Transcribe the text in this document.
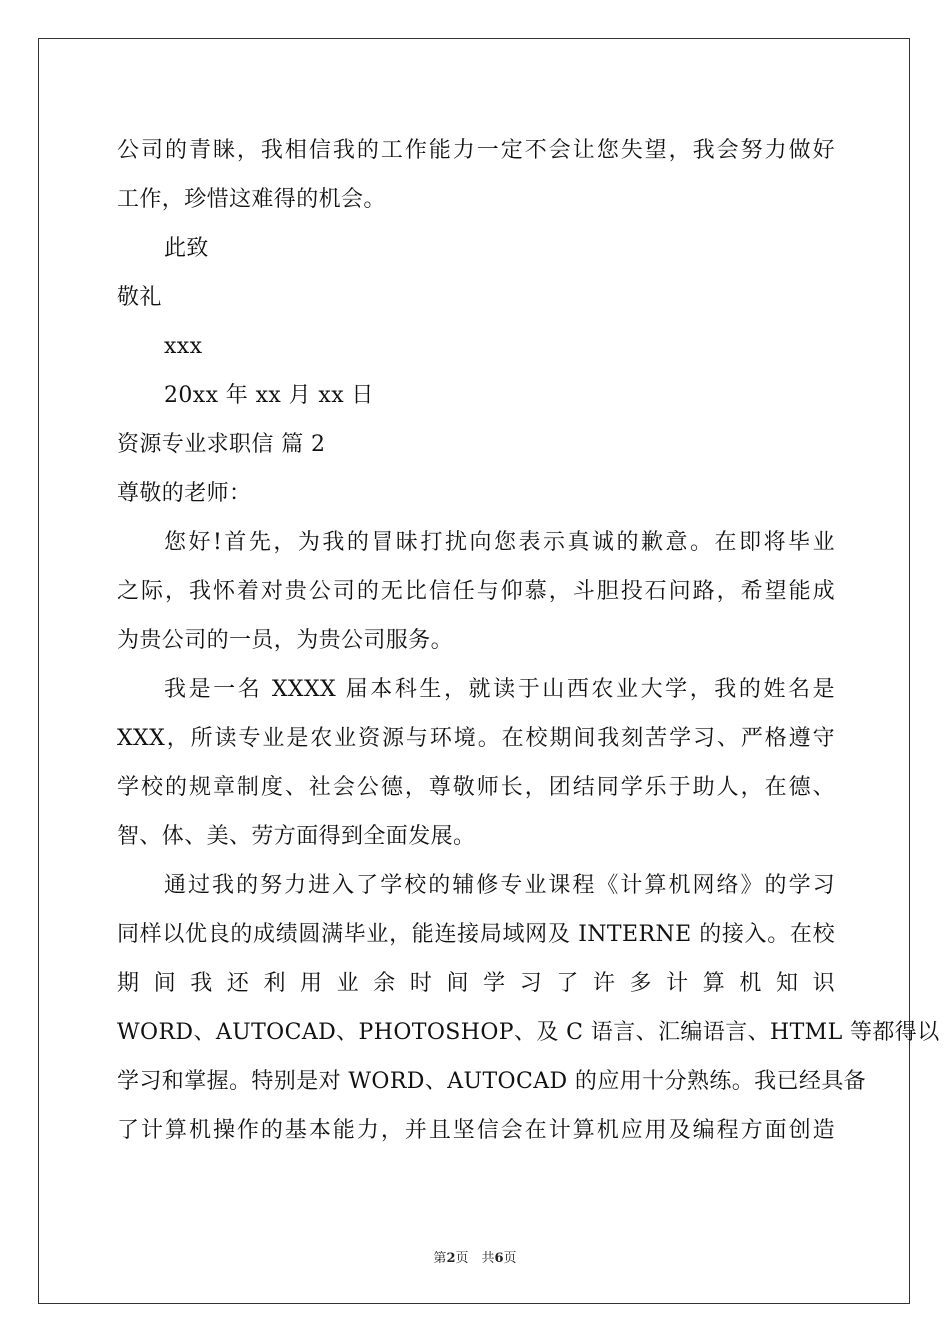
公司的青睐，我相信我的工作能力一定不会让您失望，我会努力做好
工作，珍惜这难得的机会。
此致
敬礼
xxx
20xx 年 xx 月 xx 日
资源专业求职信 篇 2
尊敬的老师：
您好!首先，为我的冒昧打扰向您表示真诚的歉意。在即将毕业
之际，我怀着对贵公司的无比信任与仰慕，斗胆投石问路，希望能成
为贵公司的一员，为贵公司服务。
我是一名 XXXX 届本科生，就读于山西农业大学，我的姓名是
XXX，所读专业是农业资源与环境。在校期间我刻苦学习、严格遵守
学校的规章制度、社会公德，尊敬师长，团结同学乐于助人，在德、
智、体、美、劳方面得到全面发展。
通过我的努力进入了学校的辅修专业课程《计算机网络》的学习
同样以优良的成绩圆满毕业，能连接局域网及 INTERNE 的接入。在校
期 间 我 还 利 用 业 余 时 间 学 习 了 许 多 计 算 机 知 识
WORD、AUTOCAD、PHOTOSHOP、及 C 语言、汇编语言、HTML 等都得以
学习和掌握。特别是对 WORD、AUTOCAD 的应用十分熟练。我已经具备
了计算机操作的基本能力，并且坚信会在计算机应用及编程方面创造
第2页　共6页
